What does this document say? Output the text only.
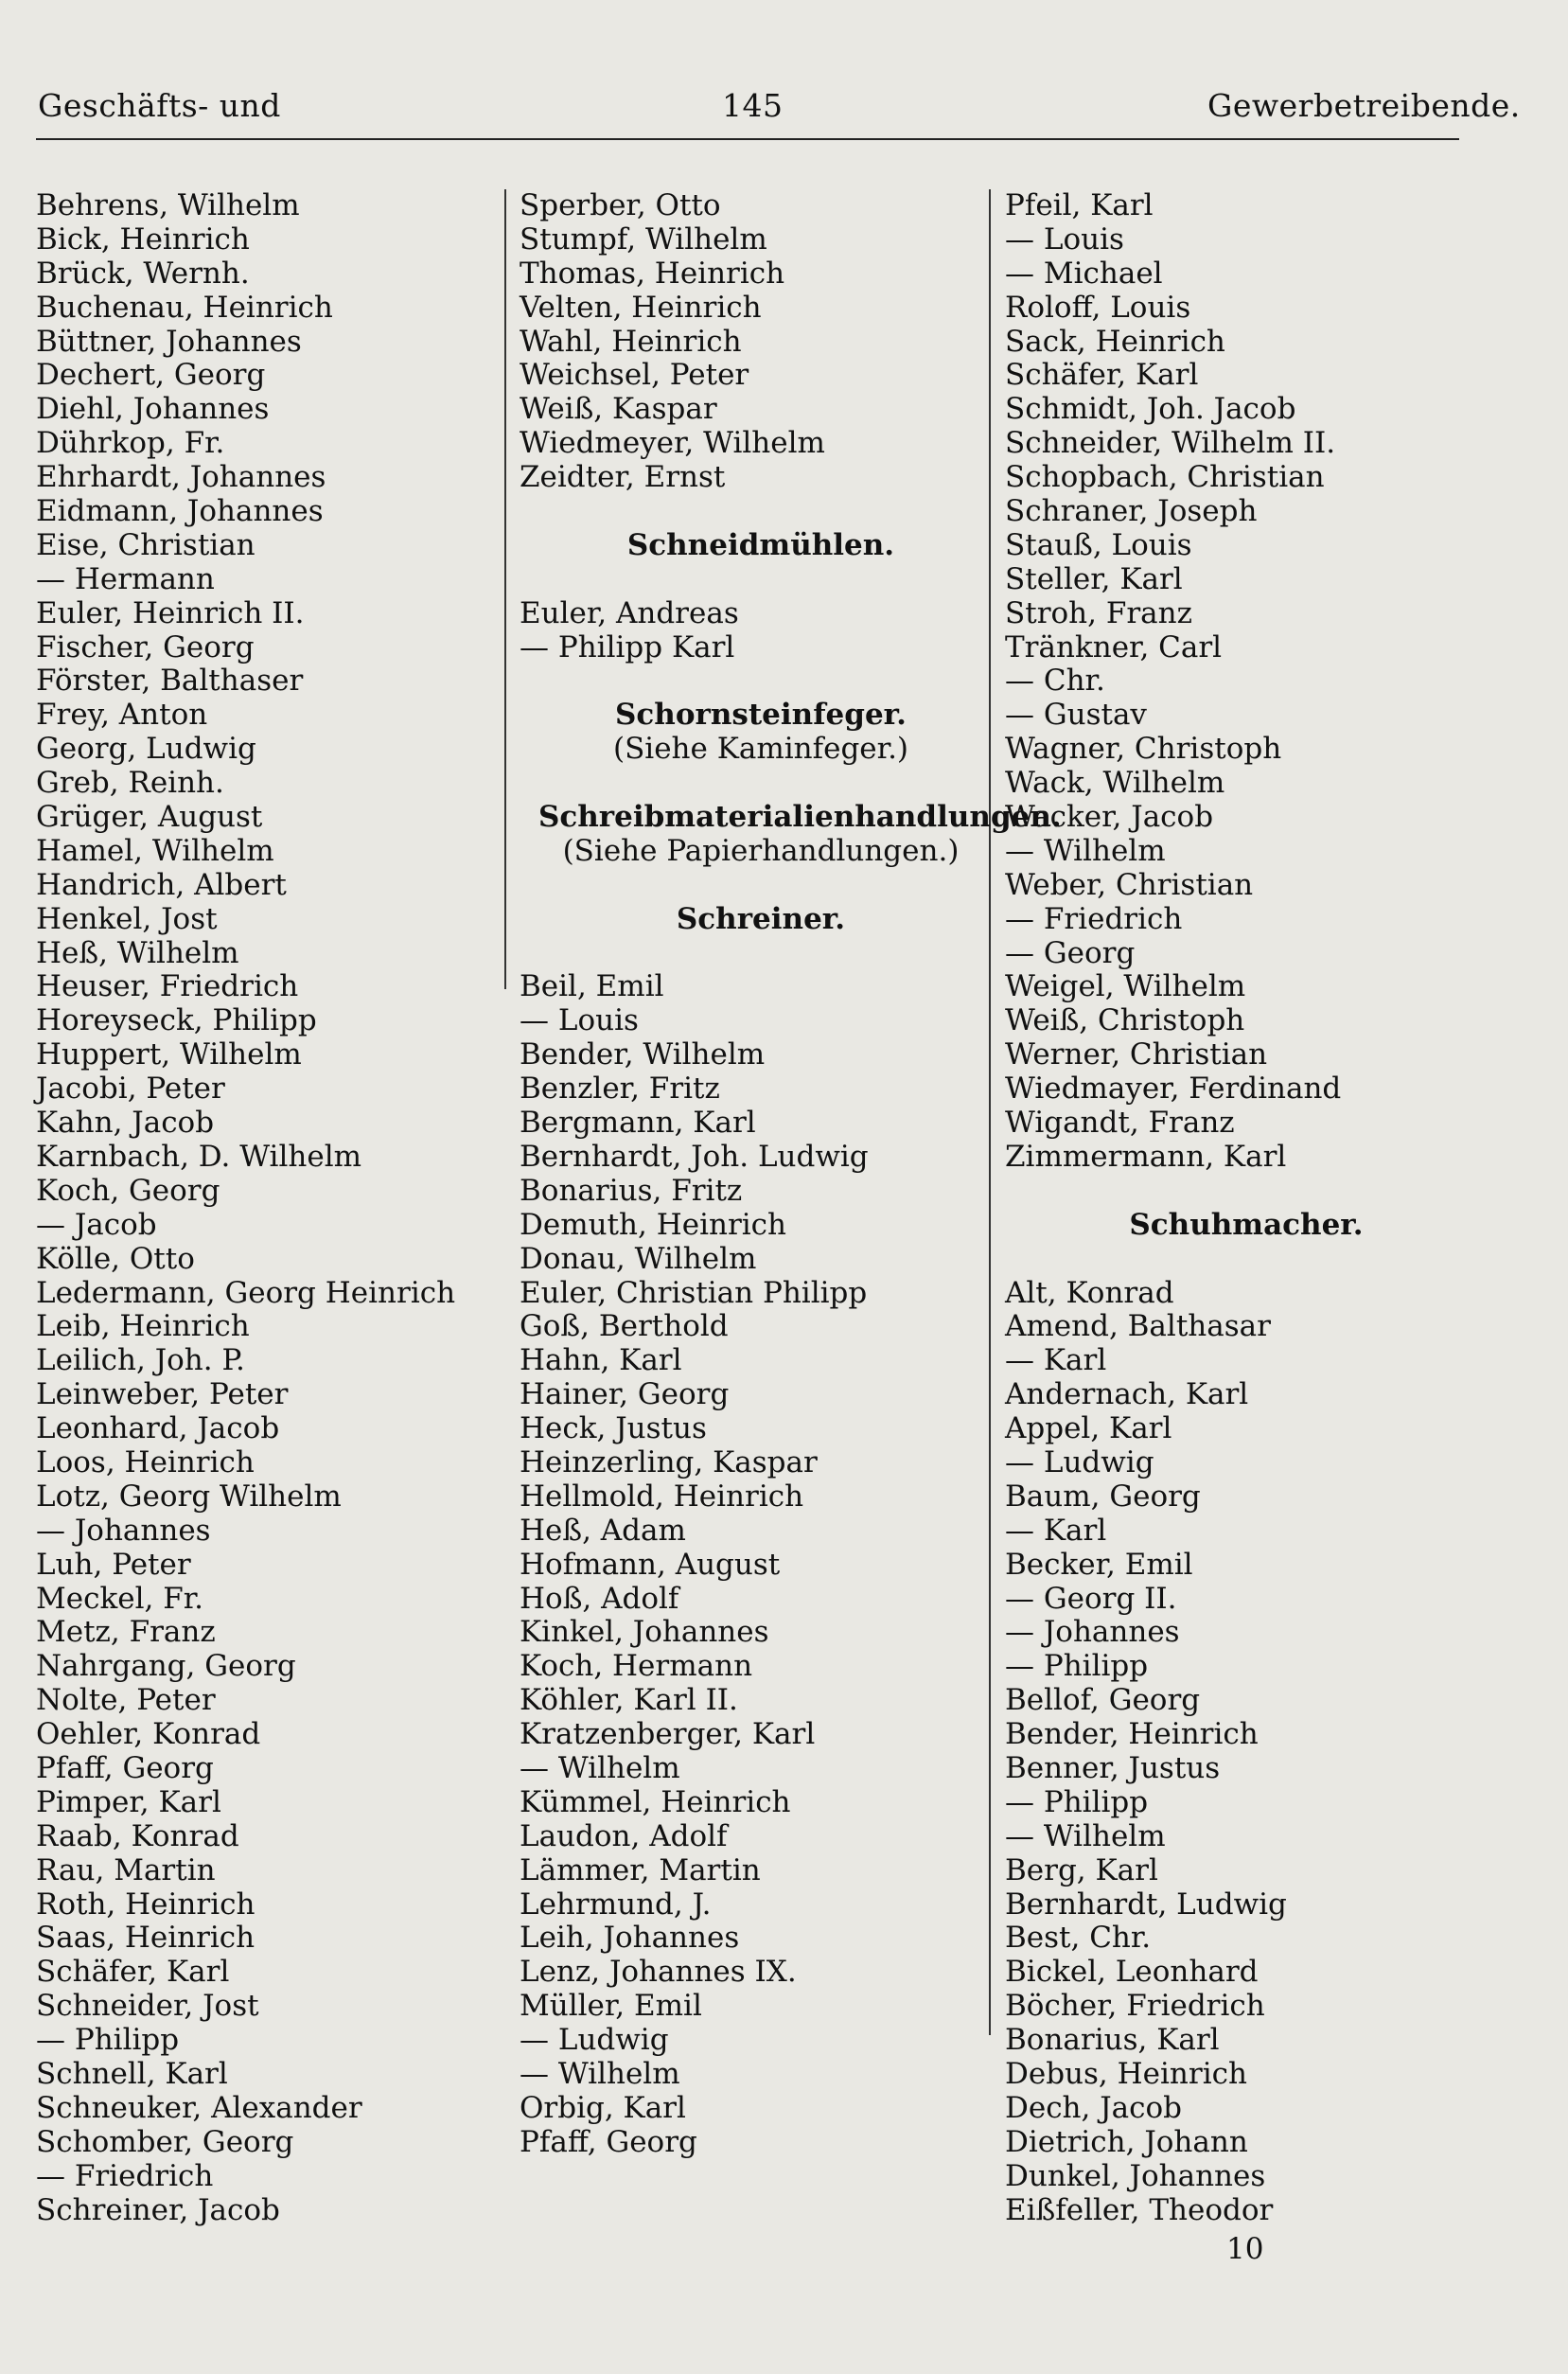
Geschäfts- und	145	Gewerbetreibende.
Behrens, Wilhelm
Bick, Heinrich
Brück, Wernh.
Buchenau, Heinrich
Büttner, Johannes
Dechert, Georg
Diehl, Johannes
Dührkop, Fr.
Ehrhardt, Johannes
Eidmann, Johannes
Eise, Christian
— Hermann
Euler, Heinrich II.
Fischer, Georg
Förster, Balthaser
Frey, Anton
Georg, Ludwig
Greb, Reinh.
Grüger, August
Hamel, Wilhelm
Handrich, Albert
Henkel, Jost
Heß, Wilhelm
Heuser, Friedrich
Horeyseck, Philipp
Huppert, Wilhelm
Jacobi, Peter
Kahn, Jacob
Karnbach, D. Wilhelm
Koch, Georg
— Jacob
Kölle, Otto
Ledermann, Georg Heinrich
Leib, Heinrich
Leilich, Joh. P.
Leinweber, Peter
Leonhard, Jacob
Loos, Heinrich
Lotz, Georg Wilhelm
— Johannes
Luh, Peter
Meckel, Fr.
Metz, Franz
Nahrgang, Georg
Nolte, Peter
Oehler, Konrad
Pfaff, Georg
Pimper, Karl
Raab, Konrad
Rau, Martin
Roth, Heinrich
Saas, Heinrich
Schäfer, Karl
Schneider, Jost
— Philipp
Schnell, Karl
Schneuker, Alexander
Schomber, Georg
— Friedrich
Schreiner, Jacob
Sperber, Otto
Stumpf, Wilhelm
Thomas, Heinrich
Velten, Heinrich
Wahl, Heinrich
Weichsel, Peter
Weiß, Kaspar
Wiedmeyer, Wilhelm
Zeidter, Ernst
Schneidmühlen.
Euler, Andreas
— Philipp Karl
Schornsteinfeger.
(Siehe Kaminfeger.)
Schreibmaterialienhandlungen.
(Siehe Papierhandlungen.)
Schreiner.
Beil, Emil
— Louis
Bender, Wilhelm
Benzler, Fritz
Bergmann, Karl
Bernhardt, Joh. Ludwig
Bonarius, Fritz
Demuth, Heinrich
Donau, Wilhelm
Euler, Christian Philipp
Goß, Berthold
Hahn, Karl
Hainer, Georg
Heck, Justus
Heinzerling, Kaspar
Hellmold, Heinrich
Heß, Adam
Hofmann, August
Hoß, Adolf
Kinkel, Johannes
Koch, Hermann
Köhler, Karl II.
Kratzenberger, Karl
— Wilhelm
Kümmel, Heinrich
Laudon, Adolf
Lämmer, Martin
Lehrmund, J.
Leih, Johannes
Lenz, Johannes IX.
Müller, Emil
— Ludwig
— Wilhelm
Orbig, Karl
Pfaff, Georg
Pfeil, Karl
— Louis
— Michael
Roloff, Louis
Sack, Heinrich
Schäfer, Karl
Schmidt, Joh. Jacob
Schneider, Wilhelm II.
Schopbach, Christian
Schraner, Joseph
Stauß, Louis
Steller, Karl
Stroh, Franz
Tränkner, Carl
— Chr.
— Gustav
Wagner, Christoph
Wack, Wilhelm
Wacker, Jacob
— Wilhelm
Weber, Christian
— Friedrich
— Georg
Weigel, Wilhelm
Weiß, Christoph
Werner, Christian
Wiedmayer, Ferdinand
Wigandt, Franz
Zimmermann, Karl
Schuhmacher.
Alt, Konrad
Amend, Balthasar
— Karl
Andernach, Karl
Appel, Karl
— Ludwig
Baum, Georg
— Karl
Becker, Emil
— Georg II.
— Johannes
— Philipp
Bellof, Georg
Bender, Heinrich
Benner, Justus
— Philipp
— Wilhelm
Berg, Karl
Bernhardt, Ludwig
Best, Chr.
Bickel, Leonhard
Böcher, Friedrich
Bonarius, Karl
Debus, Heinrich
Dech, Jacob
Dietrich, Johann
Dunkel, Johannes
Eißfeller, Theodor
10
